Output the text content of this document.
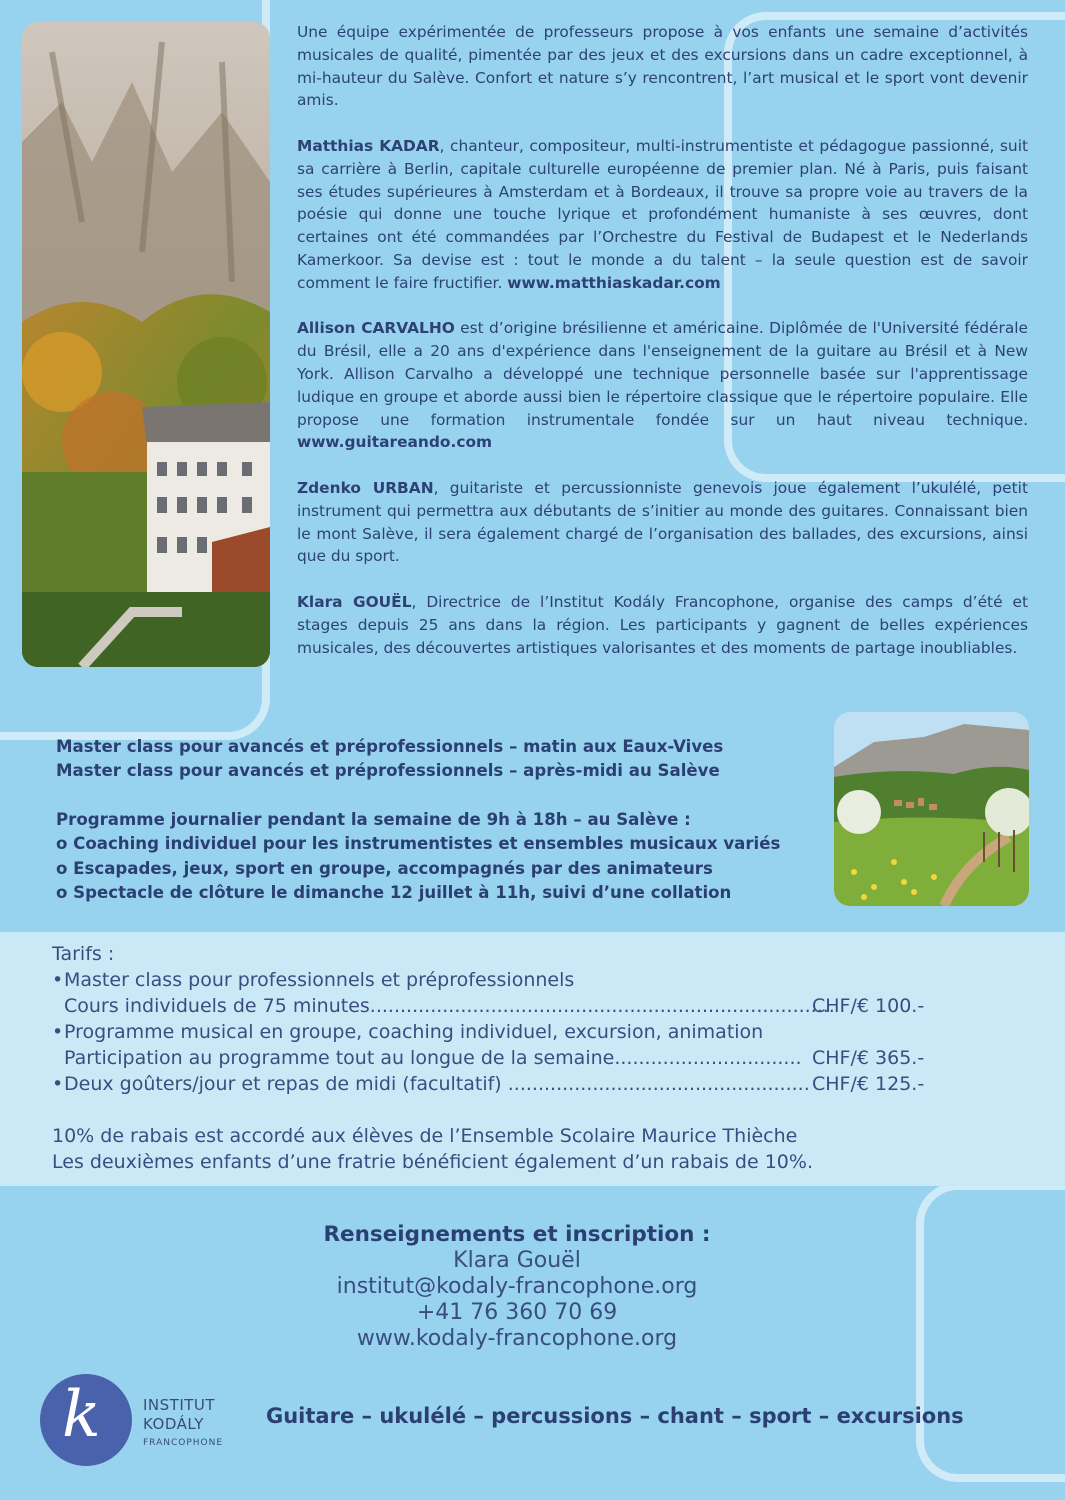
Une équipe expérimentée de professeurs propose à vos enfants une semaine d’activités musicales de qualité, pimentée par des jeux et des excursions dans un cadre exceptionnel, à mi-hauteur du Salève. Confort et nature s’y rencontrent, l’art musical et le sport vont devenir amis.

Matthias KADAR, chanteur, compositeur, multi-instrumentiste et pédagogue passionné, suit sa carrière à Berlin, capitale culturelle européenne de premier plan. Né à Paris, puis faisant ses études supérieures à Amsterdam et à Bordeaux, il trouve sa propre voie au travers de la poésie qui donne une touche lyrique et profondément humaniste à ses œuvres, dont certaines ont été commandées par l’Orchestre du Festival de Budapest et le Nederlands Kamerkoor. Sa devise est : tout le monde a du talent – la seule question est de savoir comment le faire fructifier. www.matthiaskadar.com

Allison CARVALHO est d’origine brésilienne et américaine. Diplômée de l'Université fédérale du Brésil, elle a 20 ans d'expérience dans l'enseignement de la guitare au Brésil et à New York. Allison Carvalho a développé une technique personnelle basée sur l'apprentissage ludique en groupe et aborde aussi bien le répertoire classique que le répertoire populaire. Elle propose une formation instrumentale fondée sur un haut niveau technique. www.guitareando.com

Zdenko URBAN, guitariste et percussionniste genevois joue également l’ukulélé, petit instrument qui permettra aux débutants de s’initier au monde des guitares. Connaissant bien le mont Salève, il sera également chargé de l’organisation des ballades, des excursions, ainsi que du sport.

Klara GOUËL, Directrice de l’Institut Kodály Francophone, organise des camps d’été et stages depuis 25 ans dans la région. Les participants y gagnent de belles expériences musicales, des découvertes artistiques valorisantes et des moments de partage inoubliables.

Master class pour avancés et préprofessionnels – matin aux Eaux-Vives
Master class pour avancés et préprofessionnels – après-midi au Salève
Programme journalier pendant la semaine de 9h à 18h – au Salève :
o Coaching individuel pour les instrumentistes et ensembles musicaux variés
o Escapades, jeux, sport en groupe, accompagnés par des animateurs
o Spectacle de clôture le dimanche 12 juillet à 11h, suivi d’une collation
Tarifs :
• Master class pour professionnels et préprofessionnels
Cours individuels de 75 minutes.............................................................................
CHF/€ 100.-
• Programme musical en groupe, coaching individuel, excursion, animation
Participation au programme tout au longue de la semaine............................... CHF/€ 365.-
• Deux goûters/jour et repas de midi (facultatif) .................................................. CHF/€ 125.-
10% de rabais est accordé aux élèves de l’Ensemble Scolaire Maurice Thièche
Les deuxièmes enfants d’une fratrie bénéficient également d’un rabais de 10%.
Renseignements et inscription :
Klara Gouël
institut@kodaly-francophone.org
+41 76 360 70 69
www.kodaly-francophone.org
k	INSTITUT
KODÁLY
FRANCOPHONE
Guitare – ukulélé – percussions – chant – sport – excursions
